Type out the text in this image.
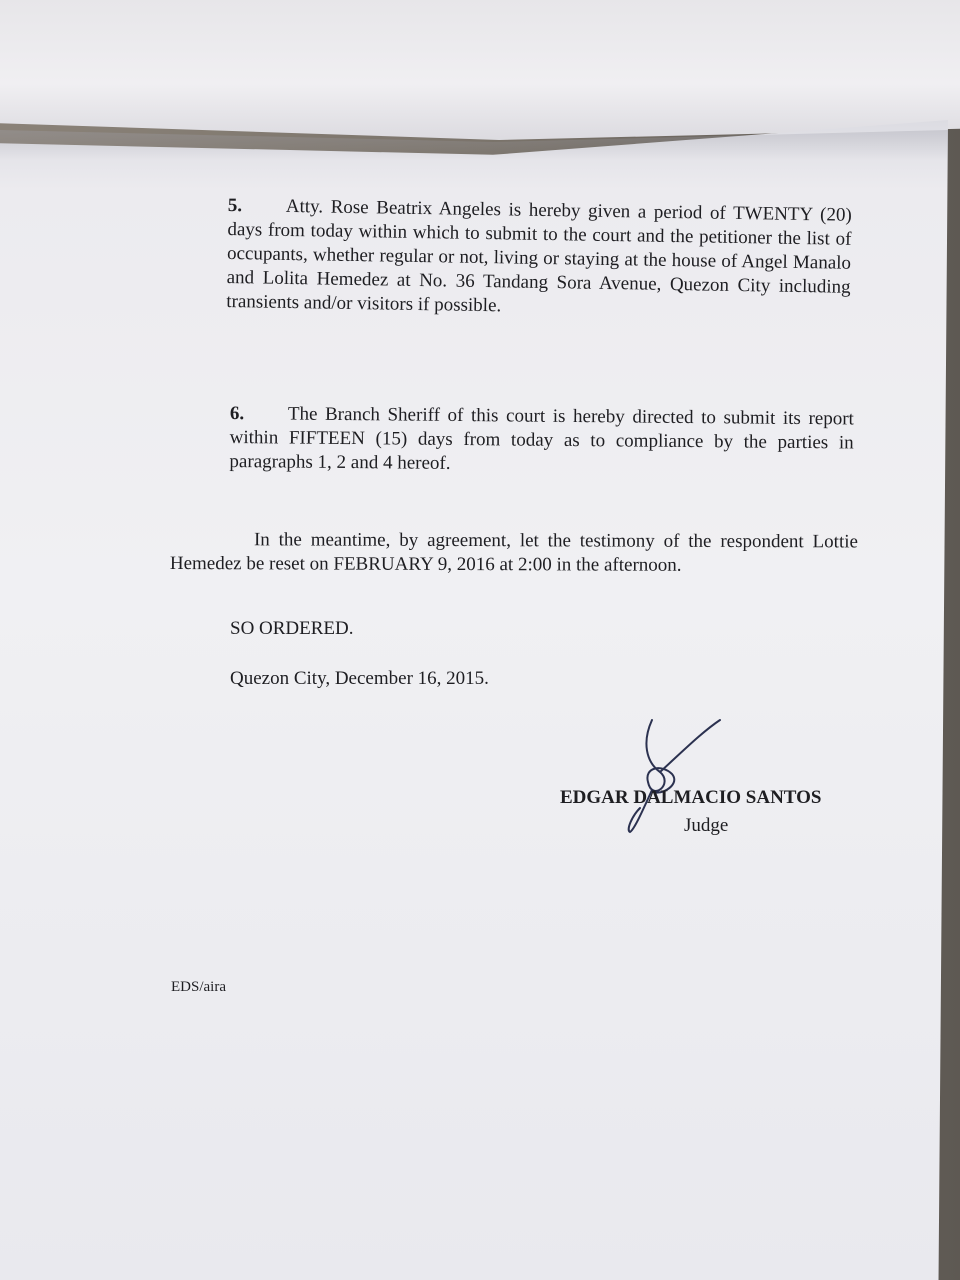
5. Atty. Rose Beatrix Angeles is hereby given a period of TWENTY (20) days from today within which to submit to the court and the petitioner the list of occupants, whether regular or not, living or staying at the house of Angel Manalo and Lolita Hemedez at No. 36 Tandang Sora Avenue, Quezon City including transients and/or visitors if possible.

6. The Branch Sheriff of this court is hereby directed to submit its report within FIFTEEN (15) days from today as to compliance by the parties in paragraphs 1, 2 and 4 hereof.

In the meantime, by agreement, let the testimony of the respondent Lottie Hemedez be reset on FEBRUARY 9, 2016 at 2:00 in the afternoon.

SO ORDERED.

Quezon City, December 16, 2015.

EDGAR DALMACIO SANTOS

Judge

EDS/aira
